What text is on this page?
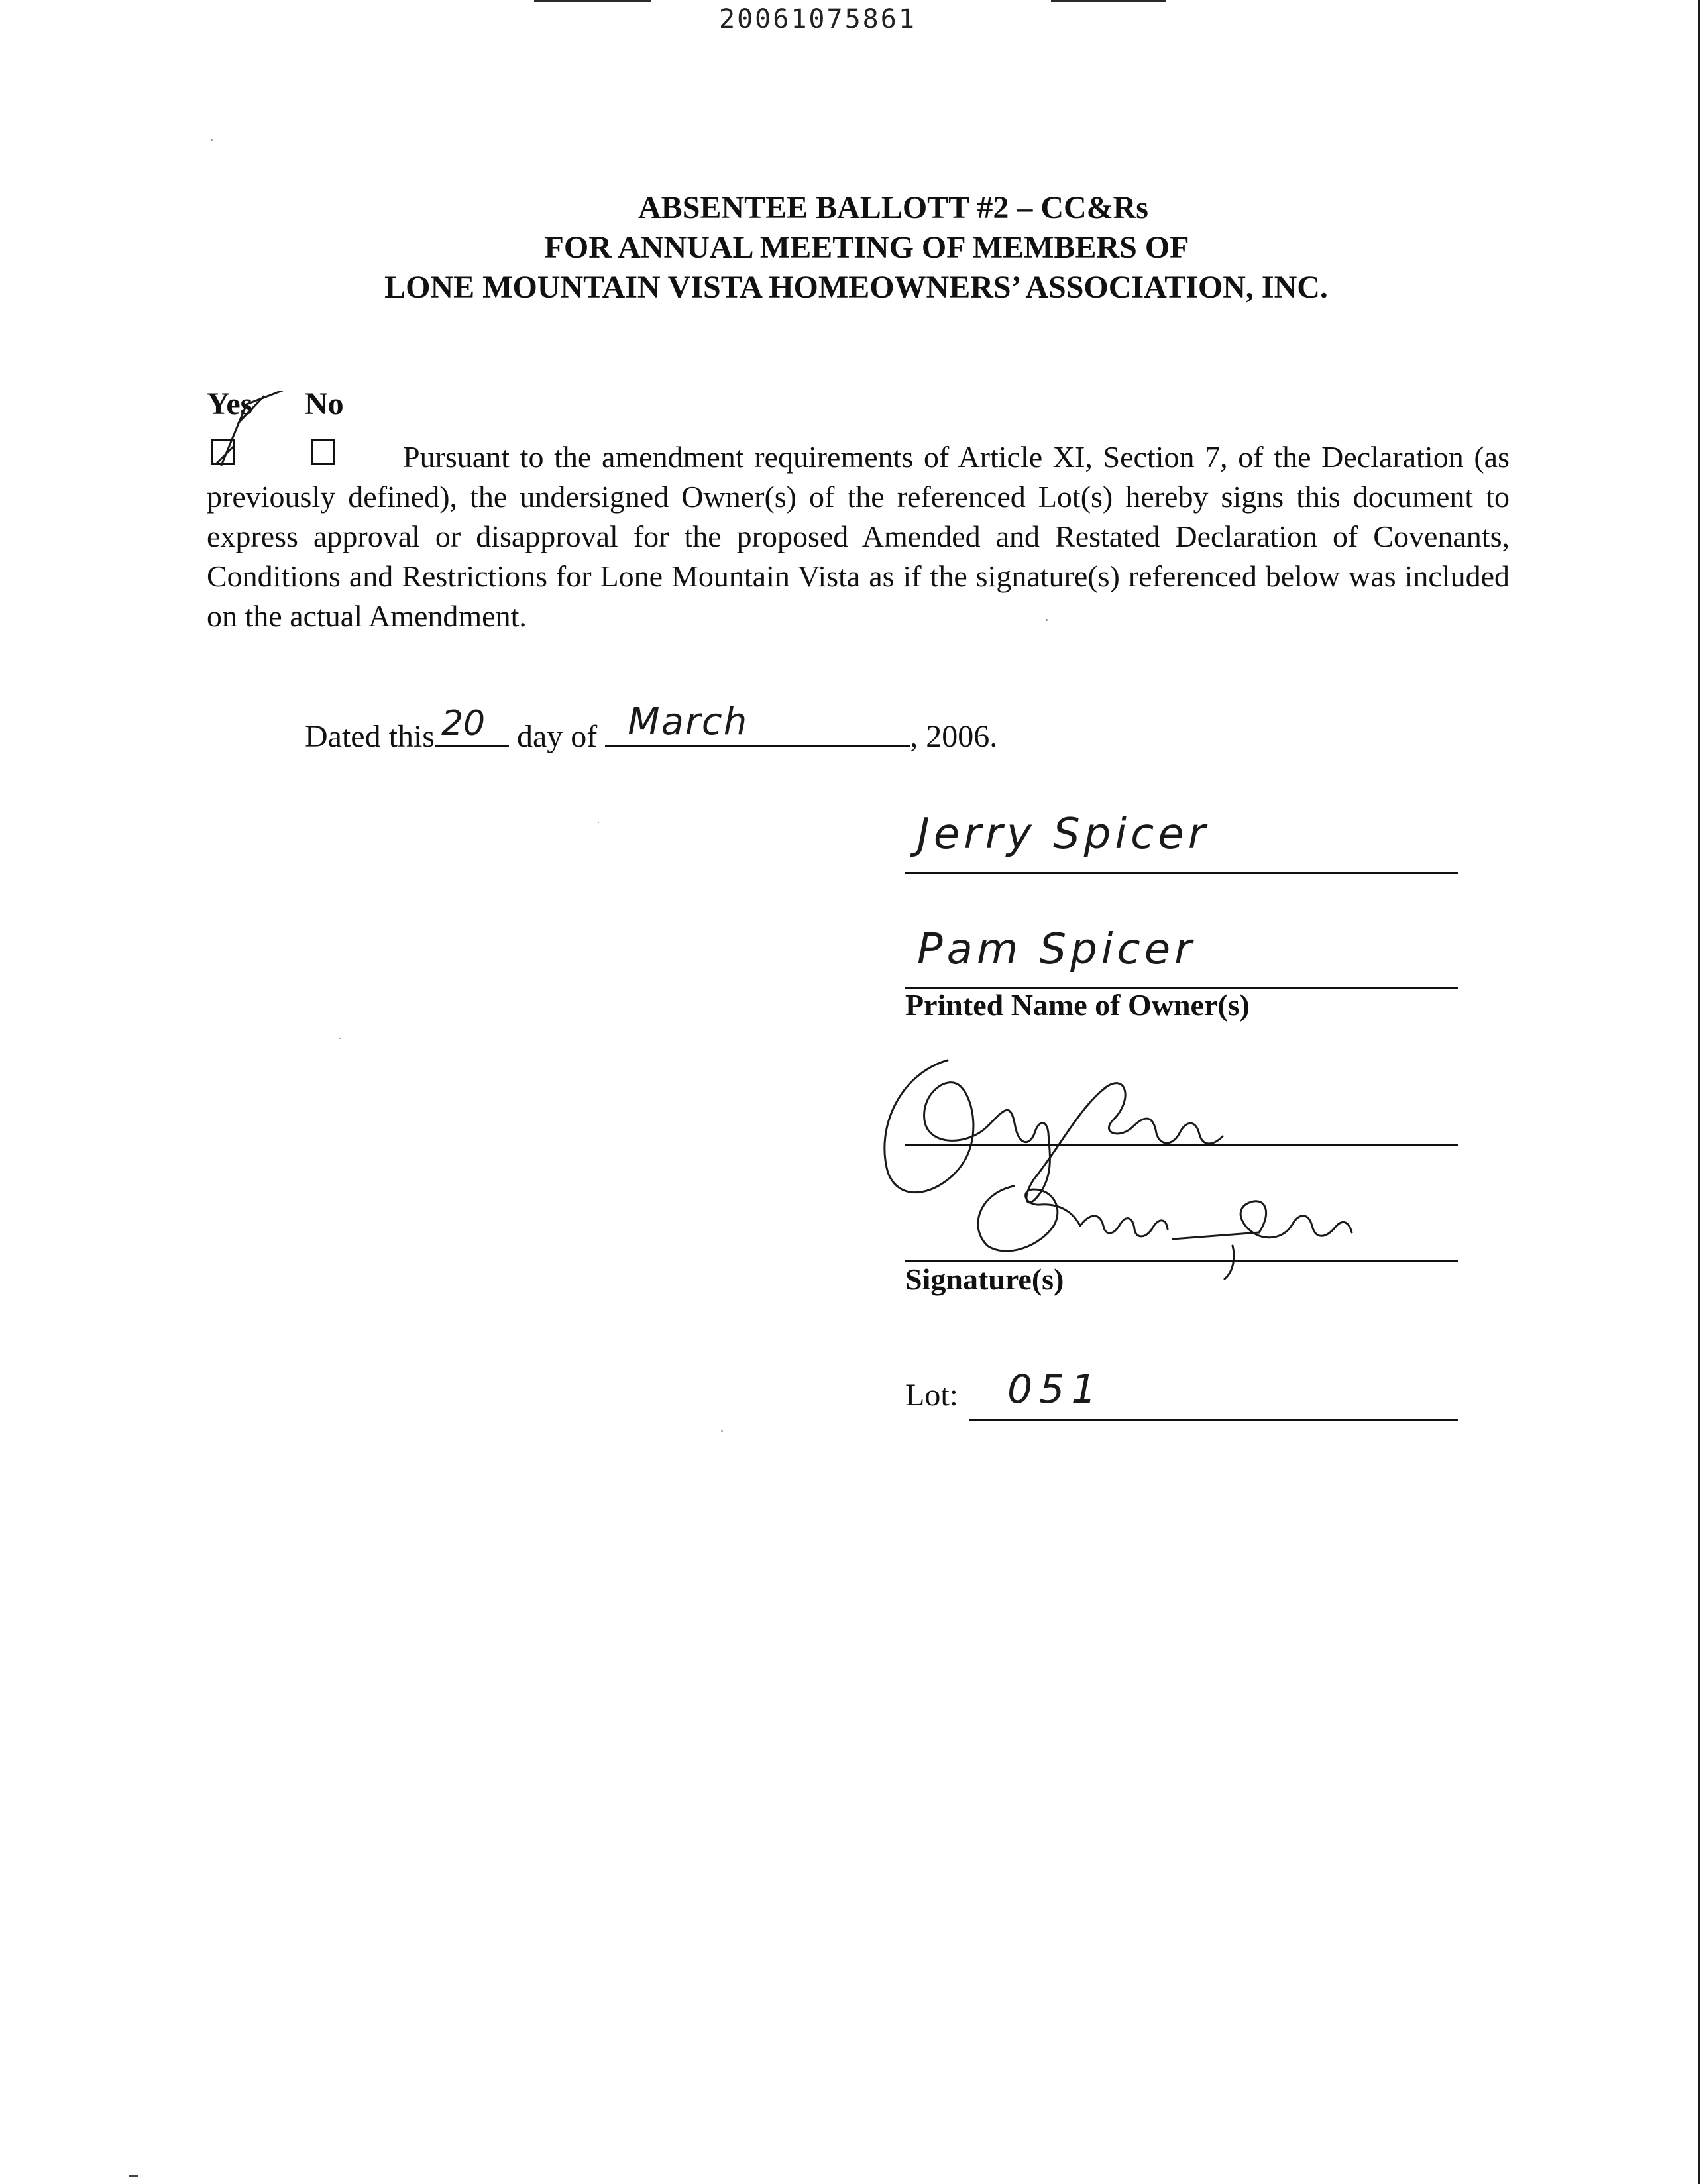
20061075861
ABSENTEE BALLOTT #2 – CC&Rs
FOR ANNUAL MEETING OF MEMBERS OF
LONE MOUNTAIN VISTA HOMEOWNERS’ ASSOCIATION, INC.
Yes No
Pursuant to the amendment requirements of Article XI, Section 7, of the Declaration (as previously defined), the undersigned Owner(s) of the referenced Lot(s) hereby signs this document to express approval or disapproval for the proposed Amended and Restated Declaration of Covenants, Conditions and Restrictions for Lone Mountain Vista as if the signature(s) referenced below was included on the actual Amendment.
Dated this 20 day of March	, 2006.
Jerry Spicer
Pam Spicer
Printed Name of Owner(s)
Signature(s)
Lot: 051
